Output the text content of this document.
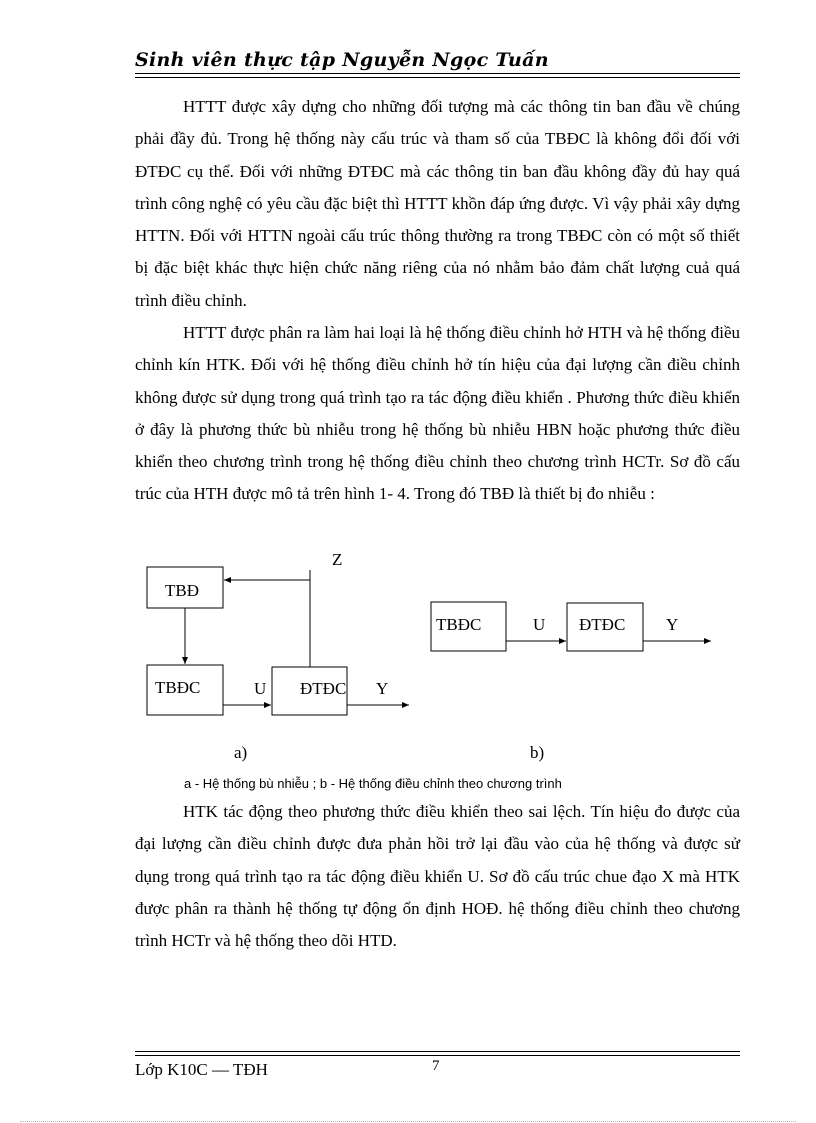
Sinh viên thực tập Nguyễn Ngọc Tuấn

HTTT được xây dựng cho những đối tượng mà các thông tin ban đầu về chúng phải đầy đủ. Trong hệ thống này cấu trúc và tham số của TBĐC là không đổi đối với ĐTĐC cụ thể. Đối với những ĐTĐC mà các thông tin ban đầu không đầy đủ hay quá trình công nghệ có yêu cầu đặc biệt thì HTTT khồn đáp ứng được. Vì vậy phải xây dựng HTTN. Đối với HTTN ngoài cấu trúc thông thường ra trong TBĐC còn có một số thiết bị đặc biệt khác thực hiện chức năng riêng của nó nhằm bảo đảm chất lượng cuả quá trình điều chỉnh.

HTTT được phân ra làm hai loại là hệ thống điều chỉnh hở HTH và hệ thống điều chỉnh kín HTK. Đối với hệ thống điều chỉnh hở tín hiệu của đại lượng cần điều chỉnh không được sử dụng trong quá trình tạo ra tác động điều khiển . Phương thức điều khiển ở đây là phương thức bù nhiễu trong hệ thống bù nhiễu HBN hoặc phương thức điều khiển theo chương trình trong hệ thống điều chỉnh theo chương trình HCTr. Sơ đồ cấu trúc của HTH được mô tả trên hình 1- 4. Trong đó TBĐ là thiết bị đo nhiễu :

Z
TBĐ
TBĐC	U ĐTĐC Y
a)
TBĐC	U ĐTĐC Y
b)
a - Hệ thống bù nhiễu ; b - Hệ thống điều chỉnh theo chương trình

HTK tác động theo phương thức điều khiển theo sai lệch. Tín hiệu đo được của đại lượng cần điều chỉnh được đưa phản hồi trở lại đầu vào của hệ thống và được sử dụng trong quá trình tạo ra tác động điều khiển U. Sơ đồ cấu trúc chue đạo X mà HTK được phân ra thành hệ thống tự động ổn định HOĐ. hệ thống điều chỉnh theo chương trình HCTr và hệ thống theo dõi HTD.

Lớp K10C — TĐH	7
